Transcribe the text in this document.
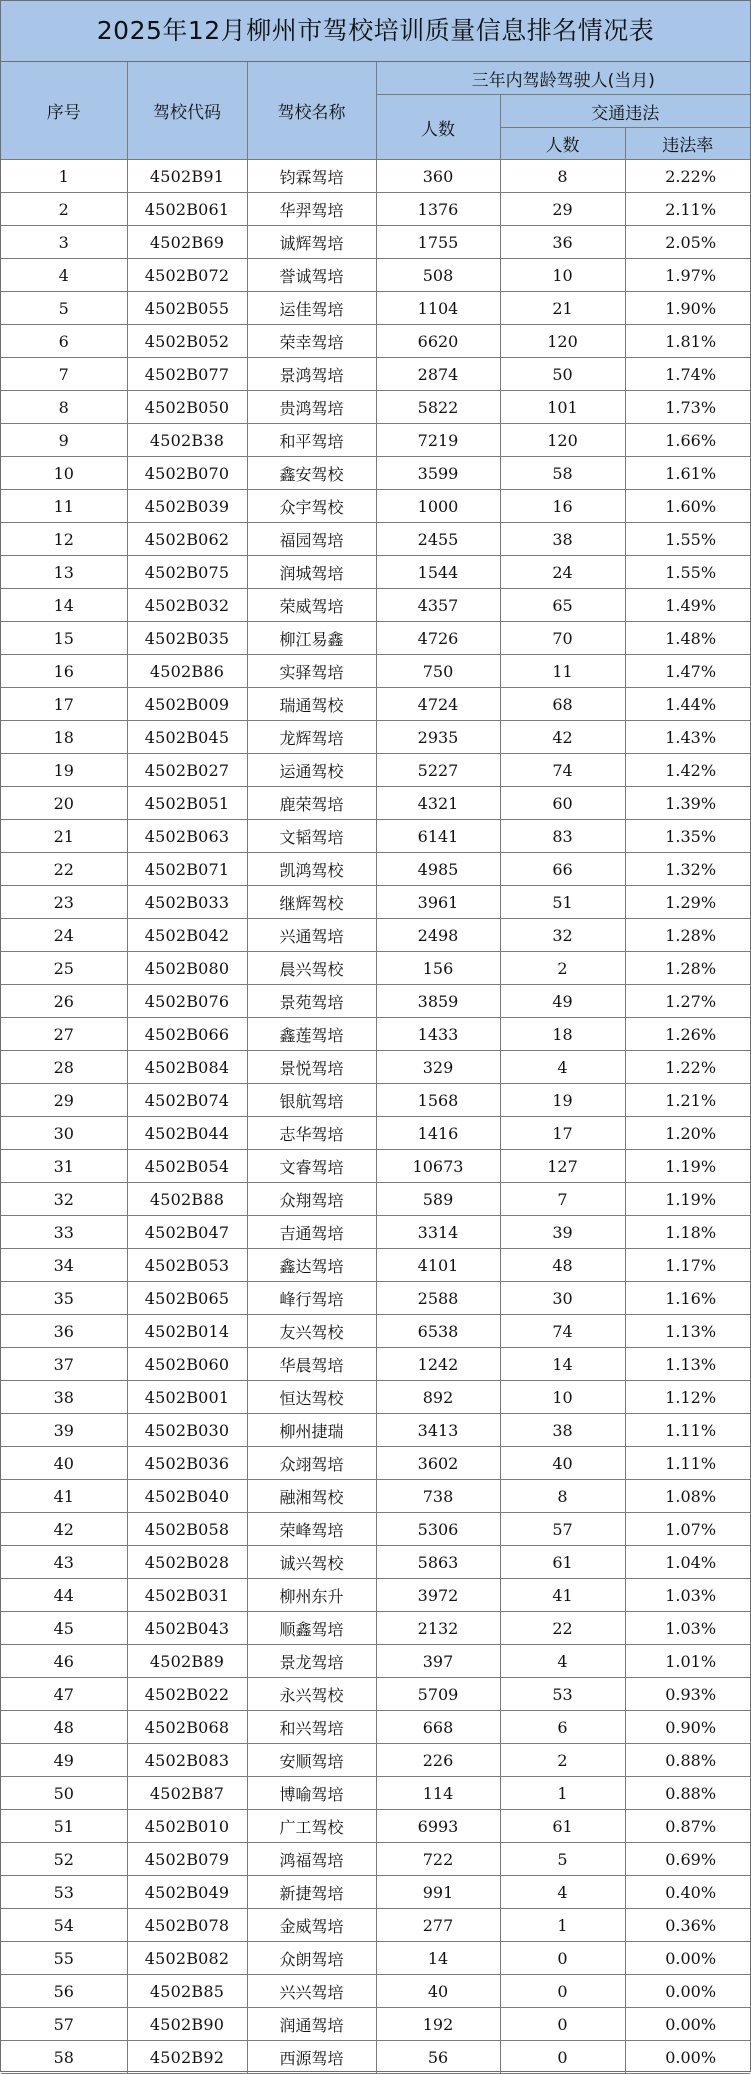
2025年12月柳州市驾校培训质量信息排名情况表
序号	驾校代码	驾校名称	三年内驾龄驾驶人(当月)		
			人数	交通违法	
				人数	违法率
1	4502B91	钧霖驾培	360	8	2.22%
2	4502B061	华羿驾培	1376	29	2.11%
3	4502B69	诚辉驾培	1755	36	2.05%
4	4502B072	誉诚驾培	508	10	1.97%
5	4502B055	运佳驾培	1104	21	1.90%
6	4502B052	荣幸驾培	6620	120	1.81%
7	4502B077	景鸿驾培	2874	50	1.74%
8	4502B050	贵鸿驾培	5822	101	1.73%
9	4502B38	和平驾培	7219	120	1.66%
10	4502B070	鑫安驾校	3599	58	1.61%
11	4502B039	众宇驾校	1000	16	1.60%
12	4502B062	福园驾培	2455	38	1.55%
13	4502B075	润城驾培	1544	24	1.55%
14	4502B032	荣威驾培	4357	65	1.49%
15	4502B035	柳江易鑫	4726	70	1.48%
16	4502B86	实驿驾培	750	11	1.47%
17	4502B009	瑞通驾校	4724	68	1.44%
18	4502B045	龙辉驾培	2935	42	1.43%
19	4502B027	运通驾校	5227	74	1.42%
20	4502B051	鹿荣驾培	4321	60	1.39%
21	4502B063	文韬驾培	6141	83	1.35%
22	4502B071	凯鸿驾校	4985	66	1.32%
23	4502B033	继辉驾校	3961	51	1.29%
24	4502B042	兴通驾培	2498	32	1.28%
25	4502B080	晨兴驾校	156	2	1.28%
26	4502B076	景苑驾培	3859	49	1.27%
27	4502B066	鑫莲驾培	1433	18	1.26%
28	4502B084	景悦驾培	329	4	1.22%
29	4502B074	银航驾培	1568	19	1.21%
30	4502B044	志华驾培	1416	17	1.20%
31	4502B054	文睿驾培	10673	127	1.19%
32	4502B88	众翔驾培	589	7	1.19%
33	4502B047	吉通驾培	3314	39	1.18%
34	4502B053	鑫达驾培	4101	48	1.17%
35	4502B065	峰行驾培	2588	30	1.16%
36	4502B014	友兴驾校	6538	74	1.13%
37	4502B060	华晨驾培	1242	14	1.13%
38	4502B001	恒达驾校	892	10	1.12%
39	4502B030	柳州捷瑞	3413	38	1.11%
40	4502B036	众翊驾培	3602	40	1.11%
41	4502B040	融湘驾校	738	8	1.08%
42	4502B058	荣峰驾培	5306	57	1.07%
43	4502B028	诚兴驾校	5863	61	1.04%
44	4502B031	柳州东升	3972	41	1.03%
45	4502B043	顺鑫驾培	2132	22	1.03%
46	4502B89	景龙驾培	397	4	1.01%
47	4502B022	永兴驾校	5709	53	0.93%
48	4502B068	和兴驾培	668	6	0.90%
49	4502B083	安顺驾培	226	2	0.88%
50	4502B87	博喻驾培	114	1	0.88%
51	4502B010	广工驾校	6993	61	0.87%
52	4502B079	鸿福驾培	722	5	0.69%
53	4502B049	新捷驾培	991	4	0.40%
54	4502B078	金威驾培	277	1	0.36%
55	4502B082	众朗驾培	14	0	0.00%
56	4502B85	兴兴驾培	40	0	0.00%
57	4502B90	润通驾培	192	0	0.00%
58	4502B92	西源驾培	56	0	0.00%
